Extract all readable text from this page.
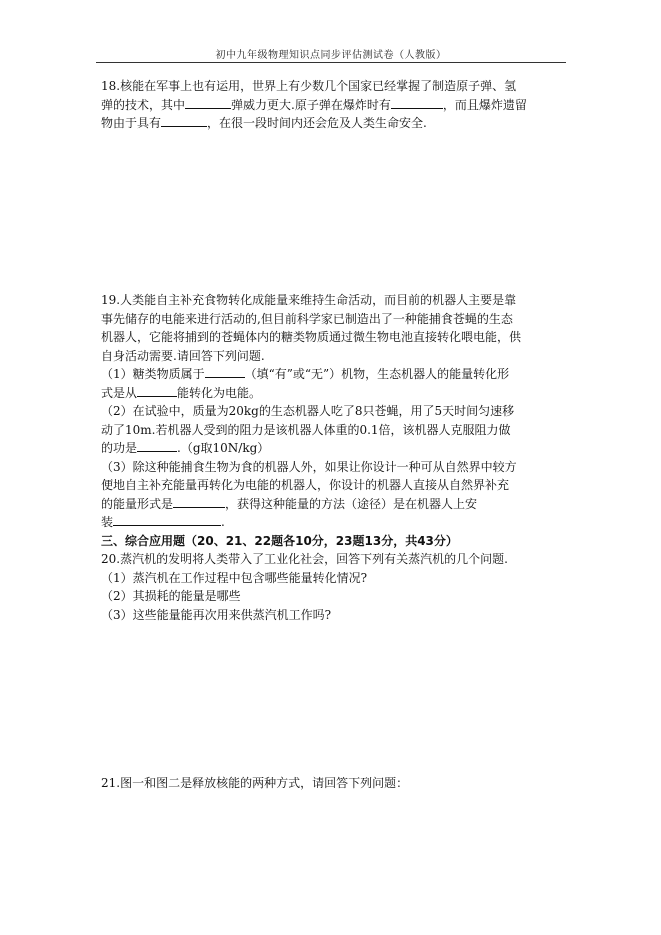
初中九年级物理知识点同步评估测试卷（人教版）

18.核能在军事上也有运用，世界上有少数几个国家已经掌握了制造原子弹、氢

弹的技术，其中	弹威力更大.原子弹在爆炸时有	，而且爆炸遗留

物由于具有	，在很一段时间内还会危及人类生命安全.

19.人类能自主补充食物转化成能量来维持生命活动，而目前的机器人主要是靠

事先储存的电能来进行活动的,但目前科学家已制造出了一种能捕食苍蝇的生态

机器人，它能将捕到的苍蝇体内的糖类物质通过微生物电池直接转化喂电能，供

自身活动需要.请回答下列问题.

（1）糖类物质属于	（填“有”或“无”）机物，生态机器人的能量转化形

式是从	能转化为电能。

（2）在试验中，质量为20kg的生态机器人吃了8只苍蝇，用了5天时间匀速移

动了10m.若机器人受到的阻力是该机器人体重的0.1倍，该机器人克服阻力做

的功是	.（g取10N/kg）

（3）除这种能捕食生物为食的机器人外，如果让你设计一种可从自然界中较方

便地自主补充能量再转化为电能的机器人，你设计的机器人直接从自然界补充

的能量形式是	，获得这种能量的方法（途径）是在机器人上安

装	.

三、综合应用题（20、21、22题各10分，23题13分，共43分）

20.蒸汽机的发明将人类带入了工业化社会，回答下列有关蒸汽机的几个问题.

（1）蒸汽机在工作过程中包含哪些能量转化情况?

（2）其损耗的能量是哪些

（3）这些能量能再次用来供蒸汽机工作吗?

21.图一和图二是释放核能的两种方式，请回答下列问题：
